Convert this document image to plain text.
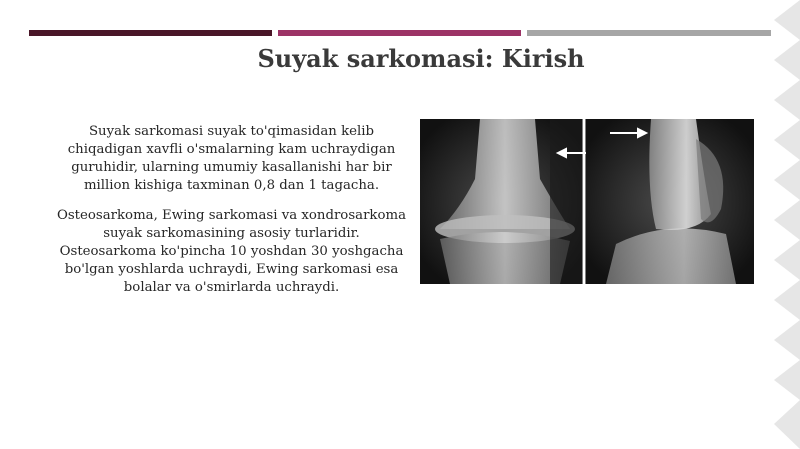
Suyak sarkomasi: Kirish

Suyak sarkomasi suyak to'qimasidan kelib chiqadigan xavfli o'smalarning kam uchraydigan guruhidir, ularning umumiy kasallanishi har bir million kishiga taxminan 0,8 dan 1 tagacha.

Osteosarkoma, Ewing sarkomasi va xondrosarkoma suyak sarkomasining asosiy turlaridir. Osteosarkoma ko'pincha 10 yoshdan 30 yoshgacha bo'lgan yoshlarda uchraydi, Ewing sarkomasi esa bolalar va o'smirlarda uchraydi.
